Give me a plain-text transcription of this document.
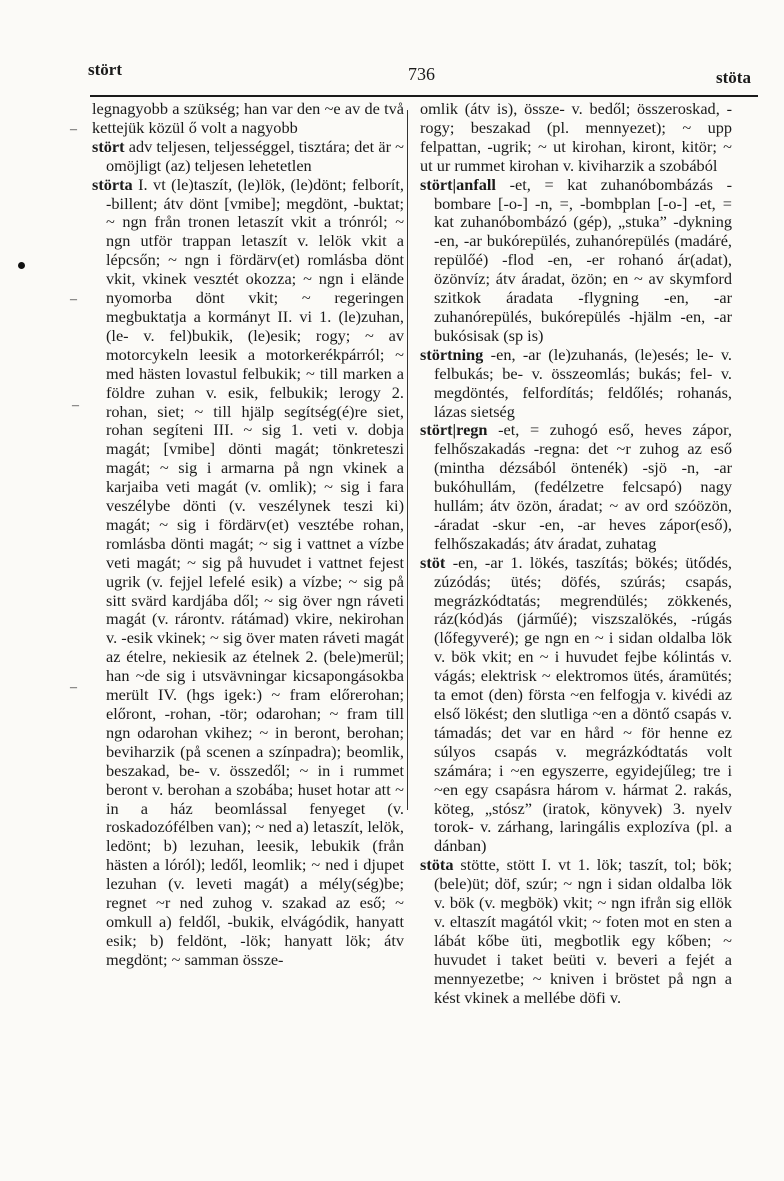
stört	736	stöta
–
–
–
–

legnagyobb a szükség; han var den ~e av de två kettejük közül ő volt a nagyobb

stört adv teljesen, teljességgel, tisztára; det är ~ omöjligt (az) teljesen lehetetlen

störta I. vt (le)taszít, (le)lök, (le)dönt; felborít, -billent; átv dönt [vmibe]; megdönt, -buktat; ~ ngn från tronen letaszít vkit a trónról; ~ ngn utför trappan letaszít v. lelök vkit a lépcsőn; ~ ngn i fördärv(et) romlásba dönt vkit, vkinek vesztét okozza; ~ ngn i elände nyomorba dönt vkit; ~ regeringen megbuktatja a kormányt II. vi 1. (le)zuhan, (le- v. fel)bukik, (le)esik; rogy; ~ av motorcykeln leesik a motorkerékpárról; ~ med hästen lovastul felbukik; ~ till marken a földre zuhan v. esik, felbukik; lerogy 2. rohan, siet; ~ till hjälp segítség(é)re siet, rohan segíteni III. ~ sig 1. veti v. dobja magát; [vmibe] dönti magát; tönkreteszi magát; ~ sig i armarna på ngn vkinek a karjaiba veti magát (v. omlik); ~ sig i fara veszélybe dönti (v. veszélynek teszi ki) magát; ~ sig i fördärv(et) vesztébe rohan, romlásba dönti magát; ~ sig i vattnet a vízbe veti magát; ~ sig på huvudet i vattnet fejest ugrik (v. fejjel lefelé esik) a vízbe; ~ sig på sitt svärd kardjába dől; ~ sig över ngn ráveti magát (v. rárontv. rátámad) vkire, nekirohan v. -esik vkinek; ~ sig över maten ráveti magát az ételre, nekiesik az ételnek 2. (bele)merül; han ~de sig i utsvävningar kicsapongásokba merült IV. (hgs igek:) ~ fram előrerohan; előront, -rohan, -tör; odarohan; ~ fram till ngn odarohan vkihez; ~ in beront, berohan; beviharzik (på scenen a színpadra); beomlik, beszakad, be- v. összedől; ~ in i rummet beront v. berohan a szobába; huset hotar att ~ in a ház beomlással fenyeget (v. roskadozófélben van); ~ ned a) letaszít, lelök, ledönt; b) lezuhan, leesik, lebukik (från hästen a lóról); ledől, leomlik; ~ ned i djupet lezuhan (v. leveti magát) a mély(ség)be; regnet ~r ned zuhog v. szakad az eső; ~ omkull a) feldől, -bukik, elvágódik, hanyatt esik; b) feldönt, -lök; hanyatt lök; átv megdönt; ~ samman össze-

omlik (átv is), össze- v. bedől; összeroskad, -rogy; beszakad (pl. mennyezet); ~ upp felpattan, -ugrik; ~ ut kirohan, kiront, kitör; ~ ut ur rummet kirohan v. kiviharzik a szobából

stört|anfall -et, = kat zuhanóbombázás -bombare [-o-] -n, =, -bombplan [-o-] -et, = kat zuhanóbombázó (gép), „stuka” -dykning -en, -ar bukórepülés, zuhanórepülés (madáré, repülőé) -flod -en, -er rohanó ár(adat), özönvíz; átv áradat, özön; en ~ av skymford szitkok áradata -flygning -en, -ar zuhanórepülés, bukórepülés -hjälm -en, -ar bukósisak (sp is)

störtning -en, -ar (le)zuhanás, (le)esés; le- v. felbukás; be- v. összeomlás; bukás; fel- v. megdöntés, felfordítás; feldőlés; rohanás, lázas sietség

stört|regn -et, = zuhogó eső, heves zápor, felhőszakadás -regna: det ~r zuhog az eső (mintha dézsából öntenék) -sjö -n, -ar bukóhullám, (fedélzetre felcsapó) nagy hullám; átv özön, áradat; ~ av ord szóözön, -áradat -skur -en, -ar heves zápor(eső), felhőszakadás; átv áradat, zuhatag

stöt -en, -ar 1. lökés, taszítás; bökés; ütődés, zúzódás; ütés; döfés, szúrás; csapás, megrázkódtatás; megrendülés; zökkenés, ráz(kód)ás (járműé); viszszalökés, -rúgás (lőfegyveré); ge ngn en ~ i sidan oldalba lök v. bök vkit; en ~ i huvudet fejbe kólintás v. vágás; elektrisk ~ elektromos ütés, áramütés; ta emot (den) första ~en felfogja v. kivédi az első lökést; den slutliga ~en a döntő csapás v. támadás; det var en hård ~ för henne ez súlyos csapás v. megrázkódtatás volt számára; i ~en egyszerre, egyidejűleg; tre i ~en egy csapásra három v. hármat 2. rakás, köteg, „stósz” (iratok, könyvek) 3. nyelv torok- v. zárhang, laringális explozíva (pl. a dánban)

stöta stötte, stött I. vt 1. lök; taszít, tol; bök; (bele)üt; döf, szúr; ~ ngn i sidan oldalba lök v. bök (v. megbök) vkit; ~ ngn ifrån sig ellök v. eltaszít magától vkit; ~ foten mot en sten a lábát kőbe üti, megbotlik egy kőben; ~ huvudet i taket beüti v. beveri a fejét a mennyezetbe; ~ kniven i bröstet på ngn a kést vkinek a mellébe döfi v.
